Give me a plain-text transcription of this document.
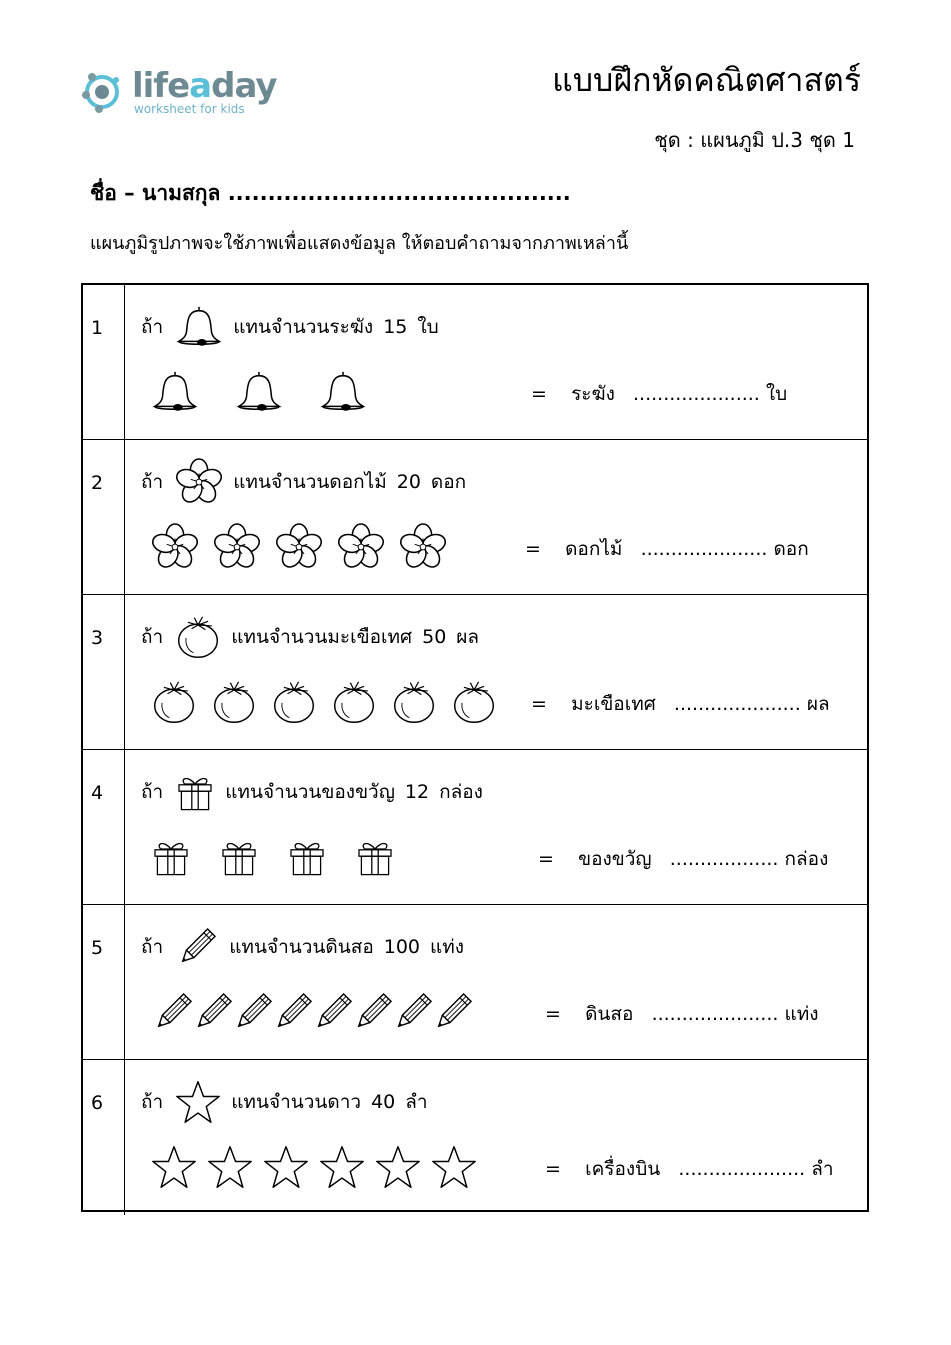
lifeaday
worksheet for kids
แบบฝึกหัดคณิตศาสตร์
ชุด : แผนภูมิ ป.3 ชุด 1
ชื่อ – นามสกุล ...........................................
แผนภูมิรูปภาพจะใช้ภาพเพื่อแสดงข้อมูล ให้ตอบคำถามจากภาพเหล่านี้
1 ถ้า	แทนจำนวนระฆัง 15 ใบ
= ระฆัง ..................... ใบ
2 ถ้า	แทนจำนวนดอกไม้ 20 ดอก
= ดอกไม้ ..................... ดอก
3 ถ้า	แทนจำนวนมะเขือเทศ 50 ผล
= มะเขือเทศ ..................... ผล
4 ถ้า	แทนจำนวนของขวัญ 12 กล่อง
= ของขวัญ .................. กล่อง
5 ถ้า	แทนจำนวนดินสอ 100 แท่ง
= ดินสอ ..................... แท่ง
6 ถ้า	แทนจำนวนดาว 40 ลำ
= เครื่องบิน ..................... ลำ
